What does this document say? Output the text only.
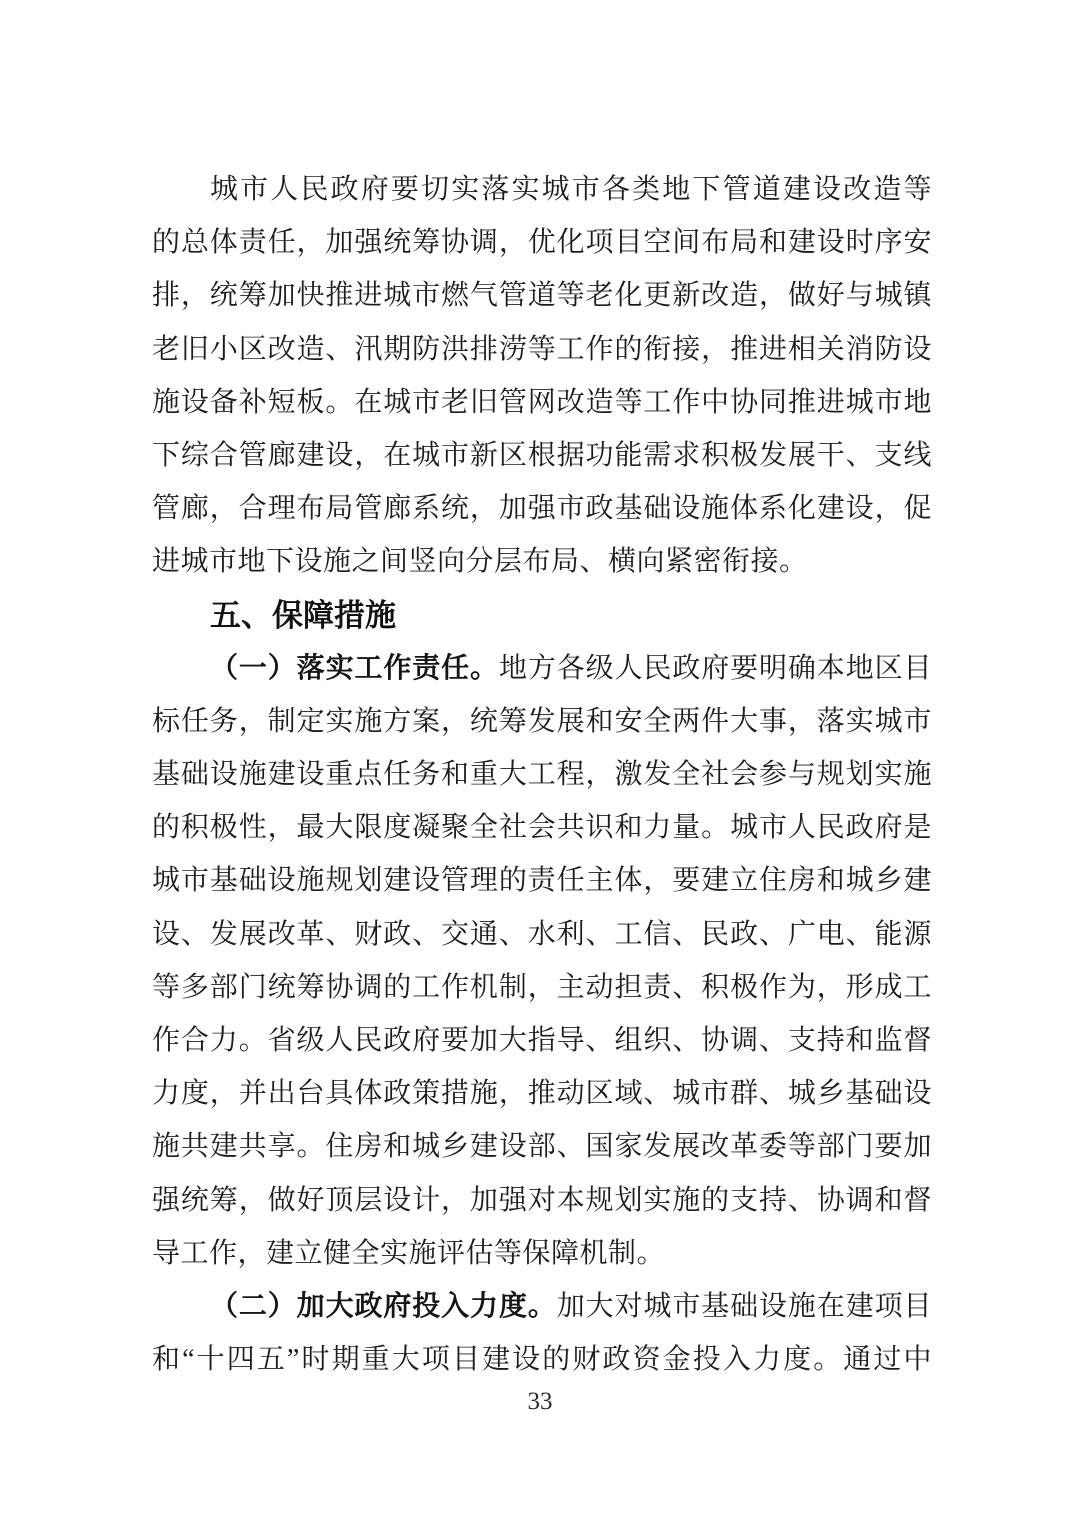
城市人民政府要切实落实城市各类地下管道建设改造等
的总体责任，加强统筹协调，优化项目空间布局和建设时序安
排，统筹加快推进城市燃气管道等老化更新改造，做好与城镇
老旧小区改造、汛期防洪排涝等工作的衔接，推进相关消防设
施设备补短板。在城市老旧管网改造等工作中协同推进城市地
下综合管廊建设，在城市新区根据功能需求积极发展干、支线
管廊，合理布局管廊系统，加强市政基础设施体系化建设，促
进城市地下设施之间竖向分层布局、横向紧密衔接。
五、保障措施
（一）落实工作责任。地方各级人民政府要明确本地区目
标任务，制定实施方案，统筹发展和安全两件大事，落实城市
基础设施建设重点任务和重大工程，激发全社会参与规划实施
的积极性，最大限度凝聚全社会共识和力量。城市人民政府是
城市基础设施规划建设管理的责任主体，要建立住房和城乡建
设、发展改革、财政、交通、水利、工信、民政、广电、能源
等多部门统筹协调的工作机制，主动担责、积极作为，形成工
作合力。省级人民政府要加大指导、组织、协调、支持和监督
力度，并出台具体政策措施，推动区域、城市群、城乡基础设
施共建共享。住房和城乡建设部、国家发展改革委等部门要加
强统筹，做好顶层设计，加强对本规划实施的支持、协调和督
导工作，建立健全实施评估等保障机制。
（二）加大政府投入力度。加大对城市基础设施在建项目
和“十四五”时期重大项目建设的财政资金投入力度。通过中
33
